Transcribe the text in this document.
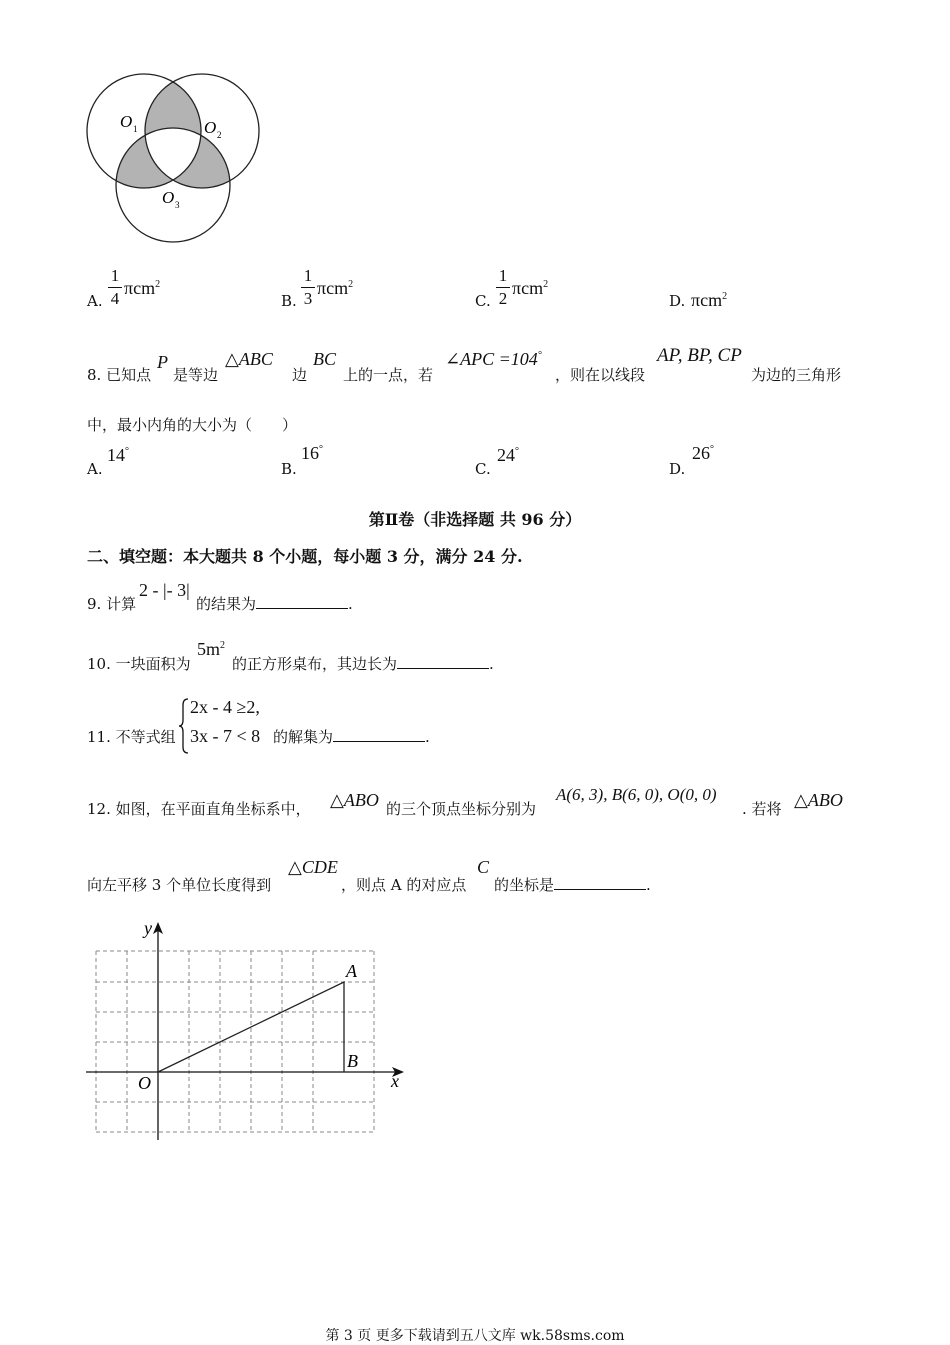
O 1	O 2
O 3
A.
1
4
πcm$^2$
B.
1
3
πcm$^2$
C.
1
2
πcm$^2$
D. πcm$^2$
8. 已知点
P
是等边
△ABC
边
BC
上的一点，若
∠APC =104°
，则在以线段
AP, BP, CP
为边的三角形
中，最小内角的大小为（　　）
A.
14°
B.
16°
C.
24°
D.
26°
第Ⅱ卷（非选择题 共 96 分）
二、填空题：本大题共 8 个小题，每小题 3 分，满分 24 分.
9. 计算
2 - |- 3|
的结果为	.
10. 一块面积为
$5m^2$
的正方形桌布，其边长为	.
11. 不等式组
2x - 4 ≥2,
3x - 7 < 8 的解集为	.
12. 如图，在平面直角坐标系中， △ABO 的三个顶点坐标分别为
A(6, 3), B(6, 0), O(0, 0)
. 若将 △ABO
向左平移 3 个单位长度得到
△CDE
，则点 A 的对应点
C
的坐标是	.
y
x
O
A
B
第 3 页 更多下载请到五八文库 wk.58sms.com
